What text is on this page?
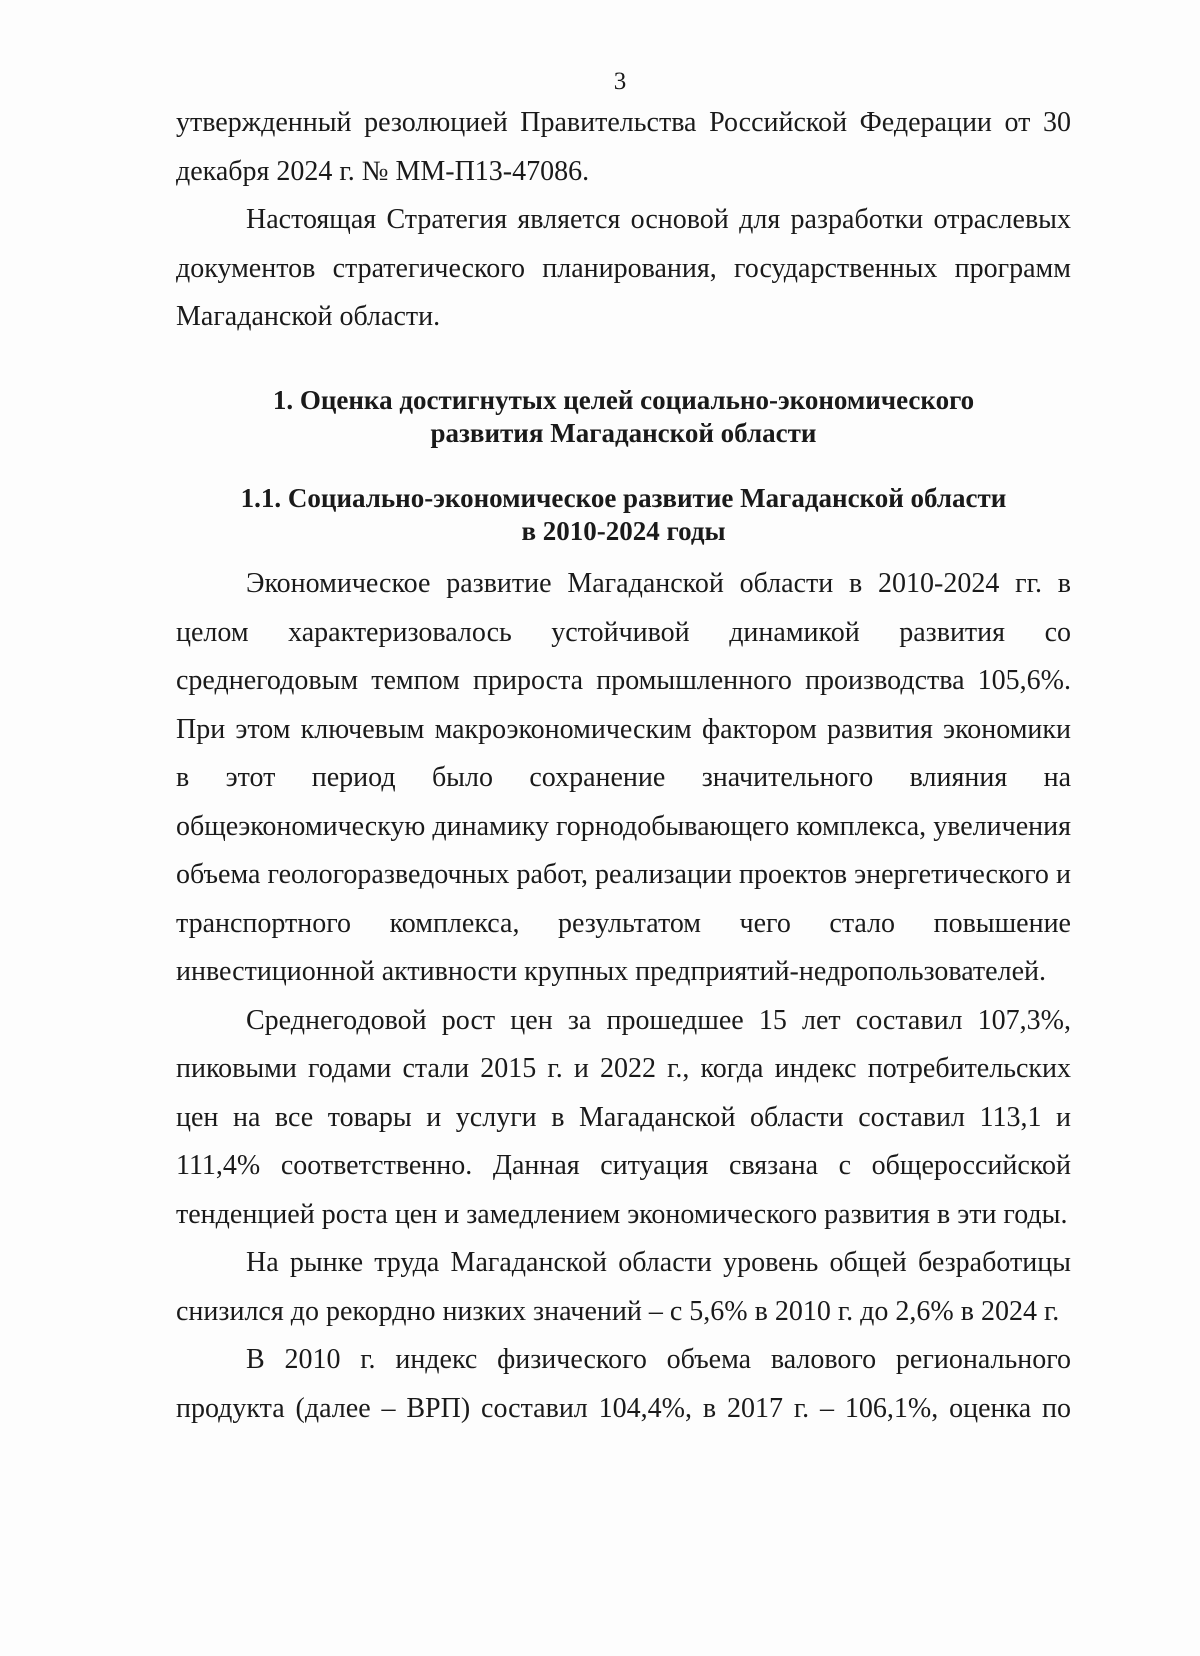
3

утвержденный резолюцией Правительства Российской Федерации от 30 декабря 2024 г. № ММ-П13-47086.

Настоящая Стратегия является основой для разработки отраслевых документов стратегического планирования, государственных программ Магаданской области.

1. Оценка достигнутых целей социально-экономического
развития Магаданской области
1.1. Социально-экономическое развитие Магаданской области
в 2010-2024 годы

Экономическое развитие Магаданской области в 2010-2024 гг. в целом характеризовалось устойчивой динамикой развития со среднегодовым темпом прироста промышленного производства 105,6%. При этом ключевым макроэкономическим фактором развития экономики в этот период было сохранение значительного влияния на общеэкономическую динамику горнодобывающего комплекса, увеличения объема геологоразведочных работ, реализации проектов энергетического и транспортного комплекса, результатом чего стало повышение инвестиционной активности крупных предприятий-недропользователей.

Среднегодовой рост цен за прошедшее 15 лет составил 107,3%, пиковыми годами стали 2015 г. и 2022 г., когда индекс потребительских цен на все товары и услуги в Магаданской области составил 113,1 и 111,4% соответственно. Данная ситуация связана с общероссийской тенденцией роста цен и замедлением экономического развития в эти годы.

На рынке труда Магаданской области уровень общей безработицы снизился до рекордно низких значений – с 5,6% в 2010 г. до 2,6% в 2024 г.

В 2010 г. индекс физического объема валового регионального продукта (далее – ВРП) составил 104,4%, в 2017 г. – 106,1%, оценка по
